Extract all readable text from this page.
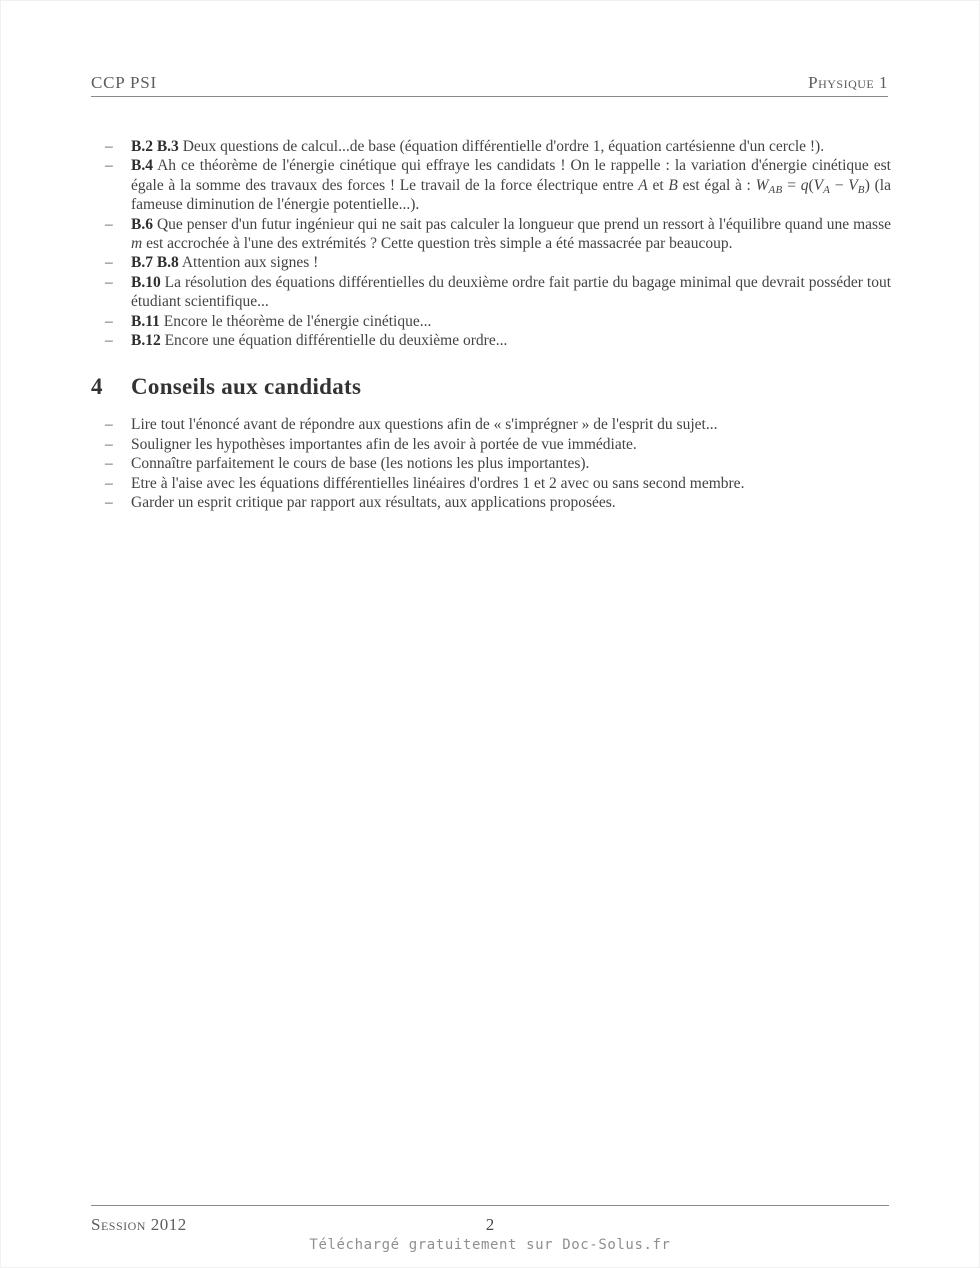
CCP PSI	Physique 1
– B.2 B.3 Deux questions de calcul...de base (équation différentielle d'ordre 1, équation cartésienne d'un cercle !).
– B.4 Ah ce théorème de l'énergie cinétique qui effraye les candidats ! On le rappelle : la variation d'énergie cinétique est égale à la somme des travaux des forces ! Le travail de la force électrique entre A et B est égal à : $W_{AB} = q(V_A - V_B)$ (la fameuse diminution de l'énergie potentielle...).
– B.6 Que penser d'un futur ingénieur qui ne sait pas calculer la longueur que prend un ressort à l'équilibre quand une masse m est accrochée à l'une des extrémités ? Cette question très simple a été massacrée par beaucoup.
– B.7 B.8 Attention aux signes !
– B.10 La résolution des équations différentielles du deuxième ordre fait partie du bagage minimal que devrait posséder tout étudiant scientifique...
– B.11 Encore le théorème de l'énergie cinétique...
– B.12 Encore une équation différentielle du deuxième ordre...
4 Conseils aux candidats
– Lire tout l'énoncé avant de répondre aux questions afin de « s'imprégner » de l'esprit du sujet...
– Souligner les hypothèses importantes afin de les avoir à portée de vue immédiate.
– Connaître parfaitement le cours de base (les notions les plus importantes).
– Etre à l'aise avec les équations différentielles linéaires d'ordres 1 et 2 avec ou sans second membre.
– Garder un esprit critique par rapport aux résultats, aux applications proposées.
Session 2012	2
Téléchargé gratuitement sur Doc-Solus.fr
